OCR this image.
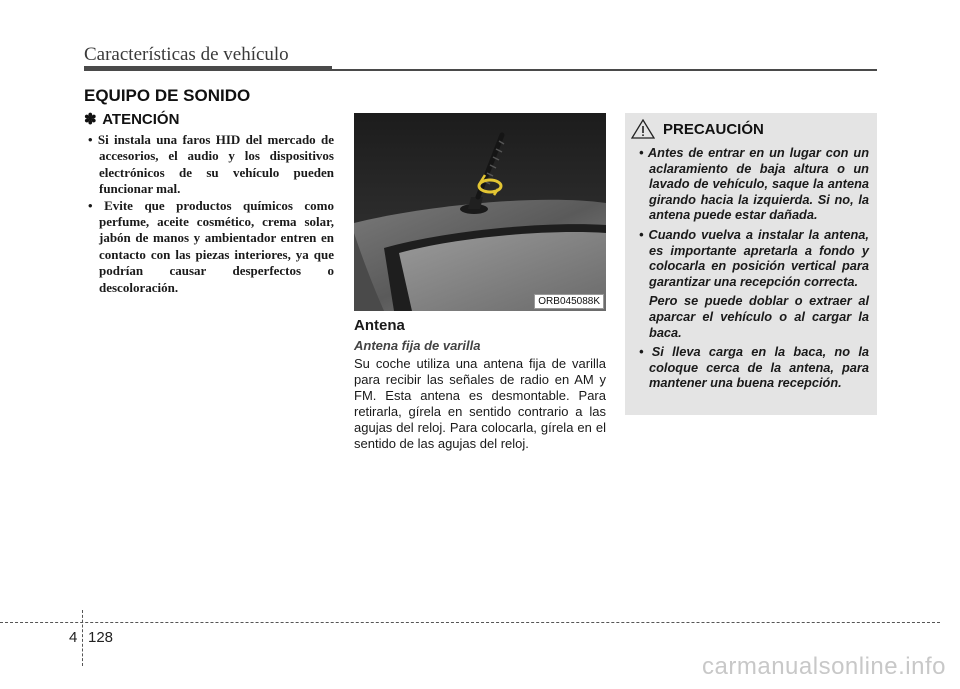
Características de vehículo
EQUIPO DE SONIDO
✽ ATENCIÓN
• Si instala una faros HID del mercado de accesorios, el audio y los dispositivos electrónicos de su vehículo pueden funcionar mal.
• Evite que productos químicos como perfume, aceite cosmético, crema solar, jabón de manos y ambientador entren en contacto con las piezas interiores, ya que podrían causar desperfectos o descoloración.
ORB045088K
Antena
Antena fija de varilla

Su coche utiliza una antena fija de varilla para recibir las señales de radio en AM y FM. Esta antena es desmontable. Para retirarla, gírela en sentido contrario a las agujas del reloj. Para colocarla, gírela en el sentido de las agujas del reloj.

PRECAUCIÓN
• Antes de entrar en un lugar con un aclaramiento de baja altura o un lavado de vehículo, saque la antena girando hacia la izquierda. Si no, la antena puede estar dañada.
• Cuando vuelva a instalar la antena, es importante apretarla a fondo y colocarla en posición vertical para garantizar una recepción correcta.

Pero se puede doblar o extraer al aparcar el vehículo o al cargar la baca.

• Si lleva carga en la baca, no la coloque cerca de la antena, para mantener una buena recepción.
4 128
carmanualsonline.info
